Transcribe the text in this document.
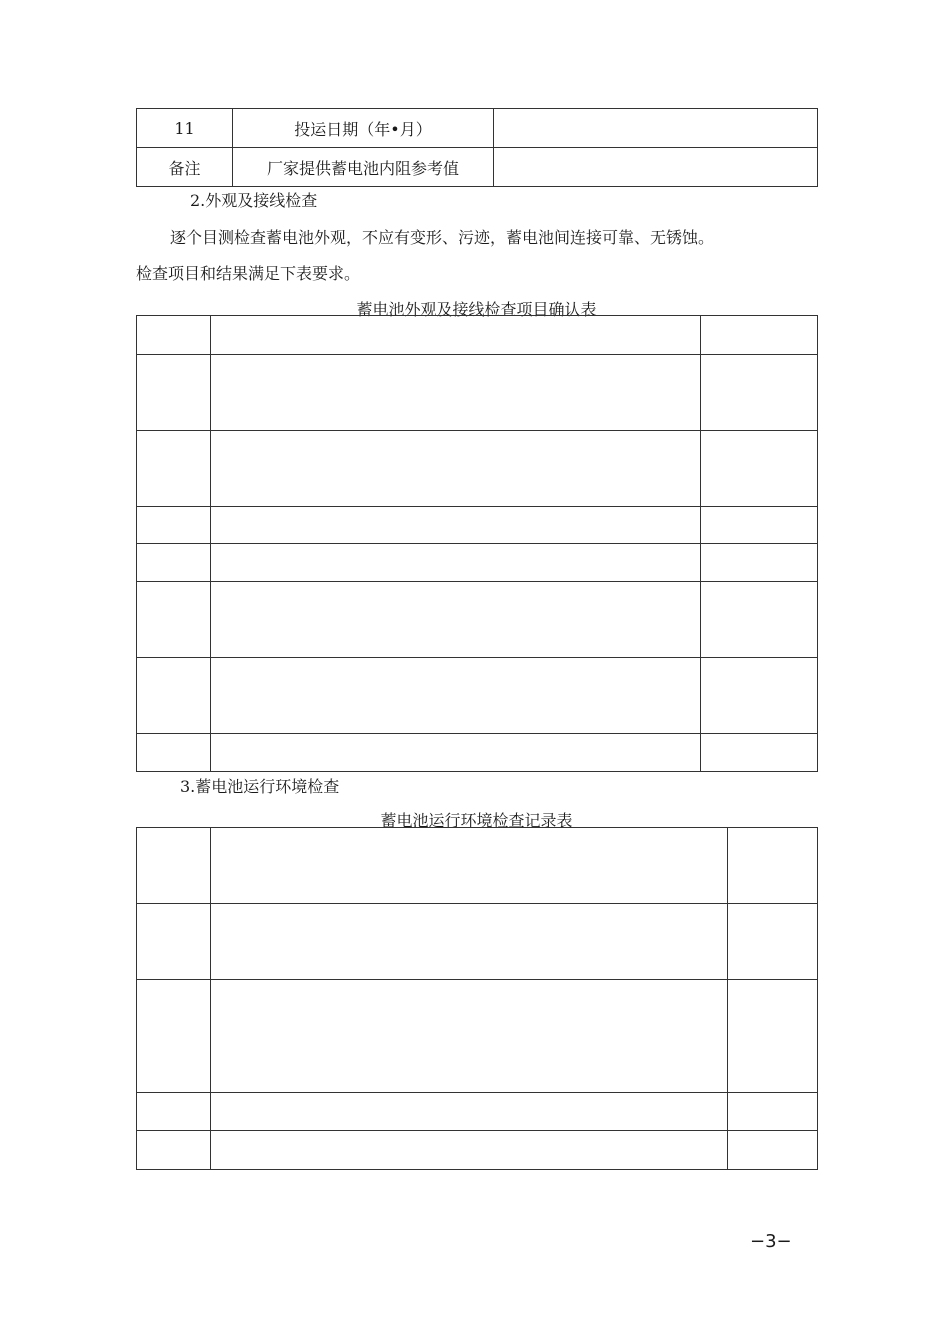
11	投运日期（年•月）	
备注	厂家提供蓄电池内阻参考值	
2.外观及接线检查
逐个目测检查蓄电池外观，不应有变形、污迹，蓄电池间连接可靠、无锈蚀。
检查项目和结果满足下表要求。
蓄电池外观及接线检查项目确认表

3.蓄电池运行环境检查
蓄电池运行环境检查记录表

−3−
